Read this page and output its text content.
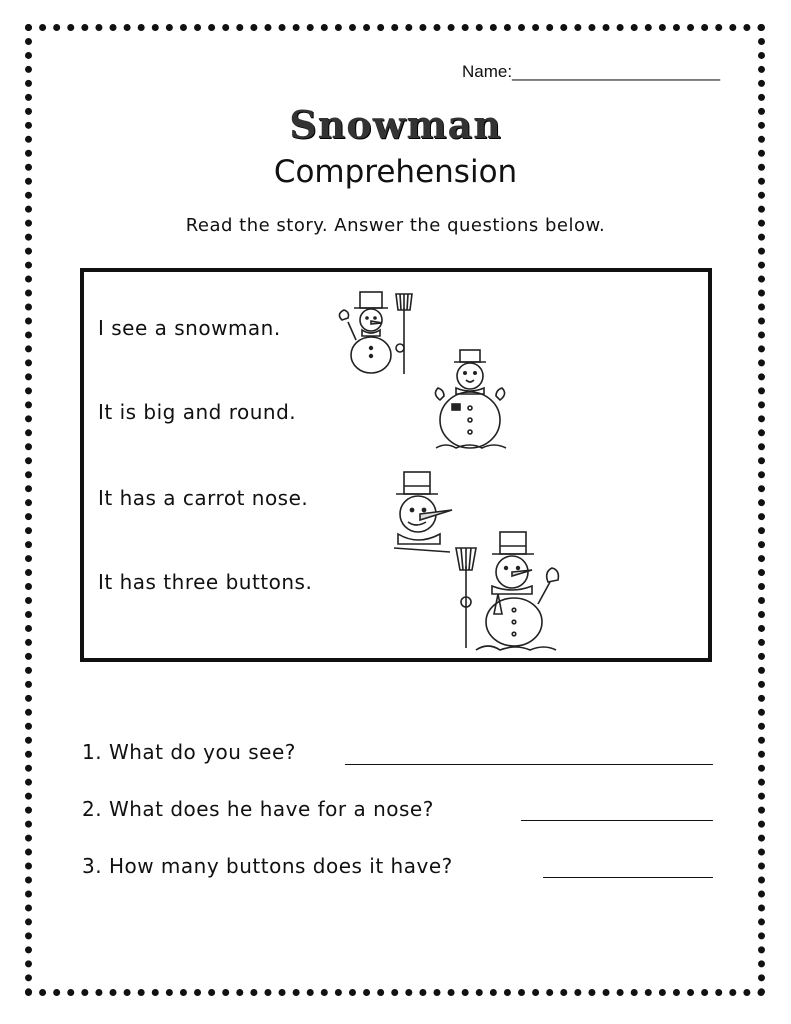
Name:______________________
Snowman
Comprehension
Read the story. Answer the questions below.
I see a snowman.
It is big and round.
It has a carrot nose.
It has three buttons.
1. What do you see?
2. What does he have for a nose?
3. How many buttons does it have?
